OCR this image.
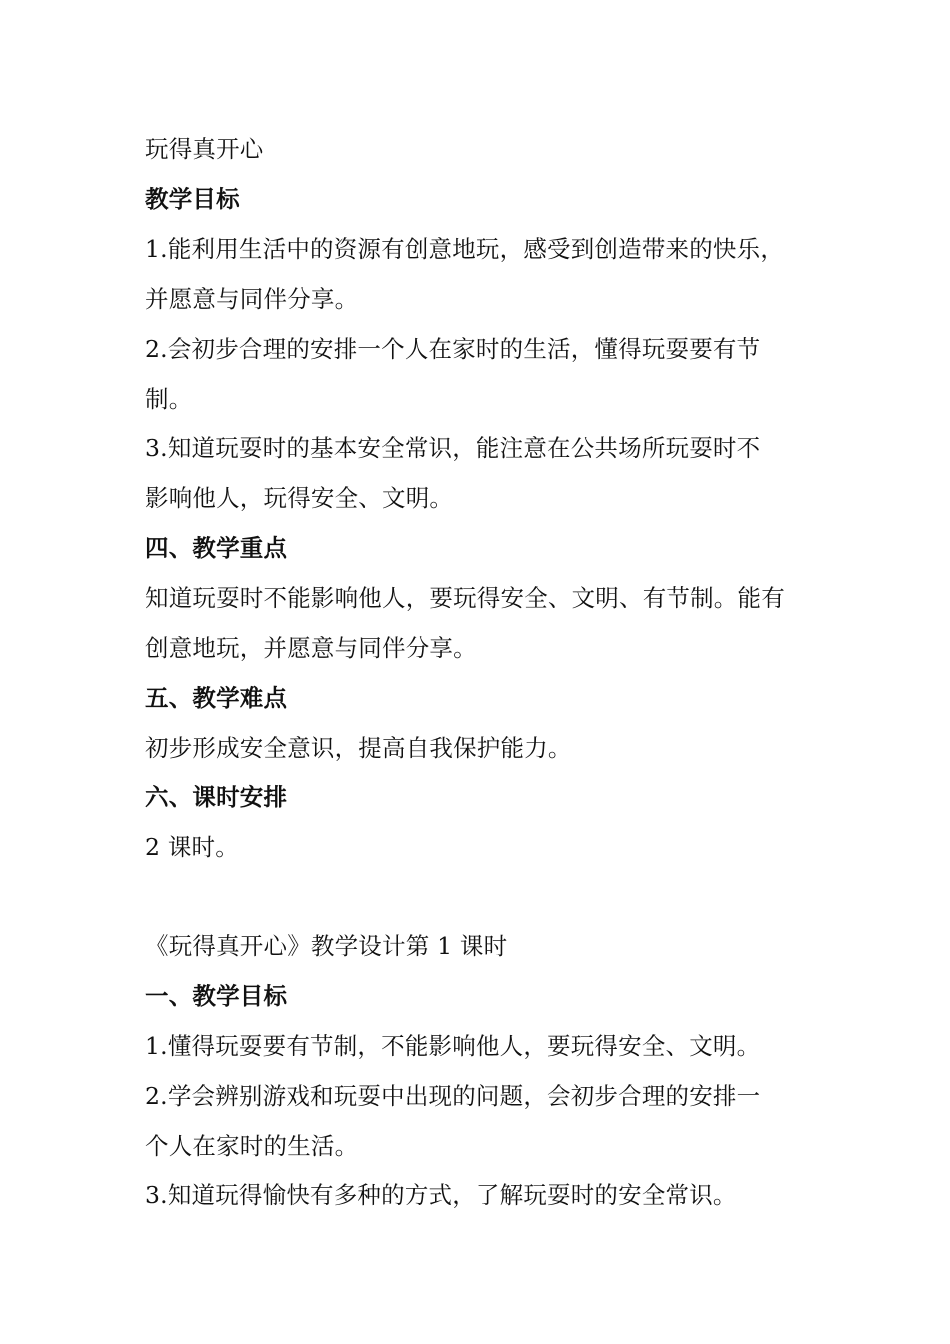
玩得真开心
教学目标
1.能利用生活中的资源有创意地玩，感受到创造带来的快乐，
并愿意与同伴分享。
2.会初步合理的安排一个人在家时的生活，懂得玩耍要有节
制。
3.知道玩耍时的基本安全常识，能注意在公共场所玩耍时不
影响他人，玩得安全、文明。
四、教学重点
知道玩耍时不能影响他人，要玩得安全、文明、有节制。能有
创意地玩，并愿意与同伴分享。
五、教学难点
初步形成安全意识，提高自我保护能力。
六、课时安排
2 课时。
《玩得真开心》教学设计第 1 课时
一、教学目标
1.懂得玩耍要有节制，不能影响他人，要玩得安全、文明。
2.学会辨别游戏和玩耍中出现的问题，会初步合理的安排一
个人在家时的生活。
3.知道玩得愉快有多种的方式，了解玩耍时的安全常识。
